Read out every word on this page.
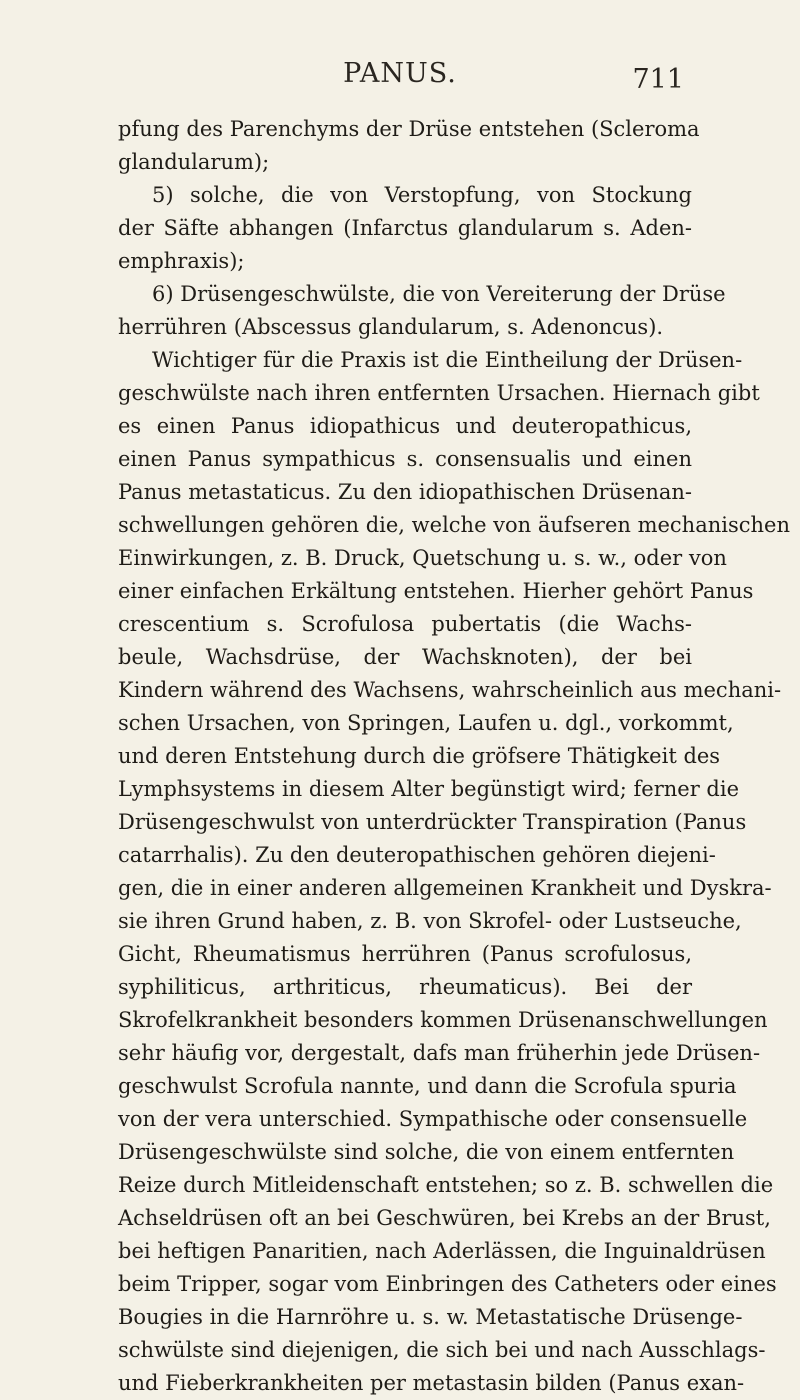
PANUS.	711
pfung des Parenchyms der Drüse entstehen (Scleroma
glandularum);
5) solche, die von Verstopfung, von Stockung
der Säfte abhangen (Infarctus glandularum s. Aden-
emphraxis);
6) Drüsengeschwülste, die von Vereiterung der Drüse
herrühren (Abscessus glandularum, s. Adenoncus).
Wichtiger für die Praxis ist die Eintheilung der Drüsen-
geschwülste nach ihren entfernten Ursachen. Hiernach gibt
es einen Panus idiopathicus und deuteropathicus,
einen Panus sympathicus s. consensualis und einen
Panus metastaticus. Zu den idiopathischen Drüsenan-
schwellungen gehören die, welche von äufseren mechanischen
Einwirkungen, z. B. Druck, Quetschung u. s. w., oder von
einer einfachen Erkältung entstehen. Hierher gehört Panus
crescentium s. Scrofulosa pubertatis (die Wachs-
beule, Wachsdrüse, der Wachsknoten), der bei
Kindern während des Wachsens, wahrscheinlich aus mechani-
schen Ursachen, von Springen, Laufen u. dgl., vorkommt,
und deren Entstehung durch die gröfsere Thätigkeit des
Lymphsystems in diesem Alter begünstigt wird; ferner die
Drüsengeschwulst von unterdrückter Transpiration (Panus
catarrhalis). Zu den deuteropathischen gehören diejeni-
gen, die in einer anderen allgemeinen Krankheit und Dyskra-
sie ihren Grund haben, z. B. von Skrofel- oder Lustseuche,
Gicht, Rheumatismus herrühren (Panus scrofulosus,
syphiliticus, arthriticus, rheumaticus). Bei der
Skrofelkrankheit besonders kommen Drüsenanschwellungen
sehr häufig vor, dergestalt, dafs man früherhin jede Drüsen-
geschwulst Scrofula nannte, und dann die Scrofula spuria
von der vera unterschied. Sympathische oder consensuelle
Drüsengeschwülste sind solche, die von einem entfernten
Reize durch Mitleidenschaft entstehen; so z. B. schwellen die
Achseldrüsen oft an bei Geschwüren, bei Krebs an der Brust,
bei heftigen Panaritien, nach Aderlässen, die Inguinaldrüsen
beim Tripper, sogar vom Einbringen des Catheters oder eines
Bougies in die Harnröhre u. s. w. Metastatische Drüsenge-
schwülste sind diejenigen, die sich bei und nach Ausschlags-
und Fieberkrankheiten per metastasin bilden (Panus exan-
